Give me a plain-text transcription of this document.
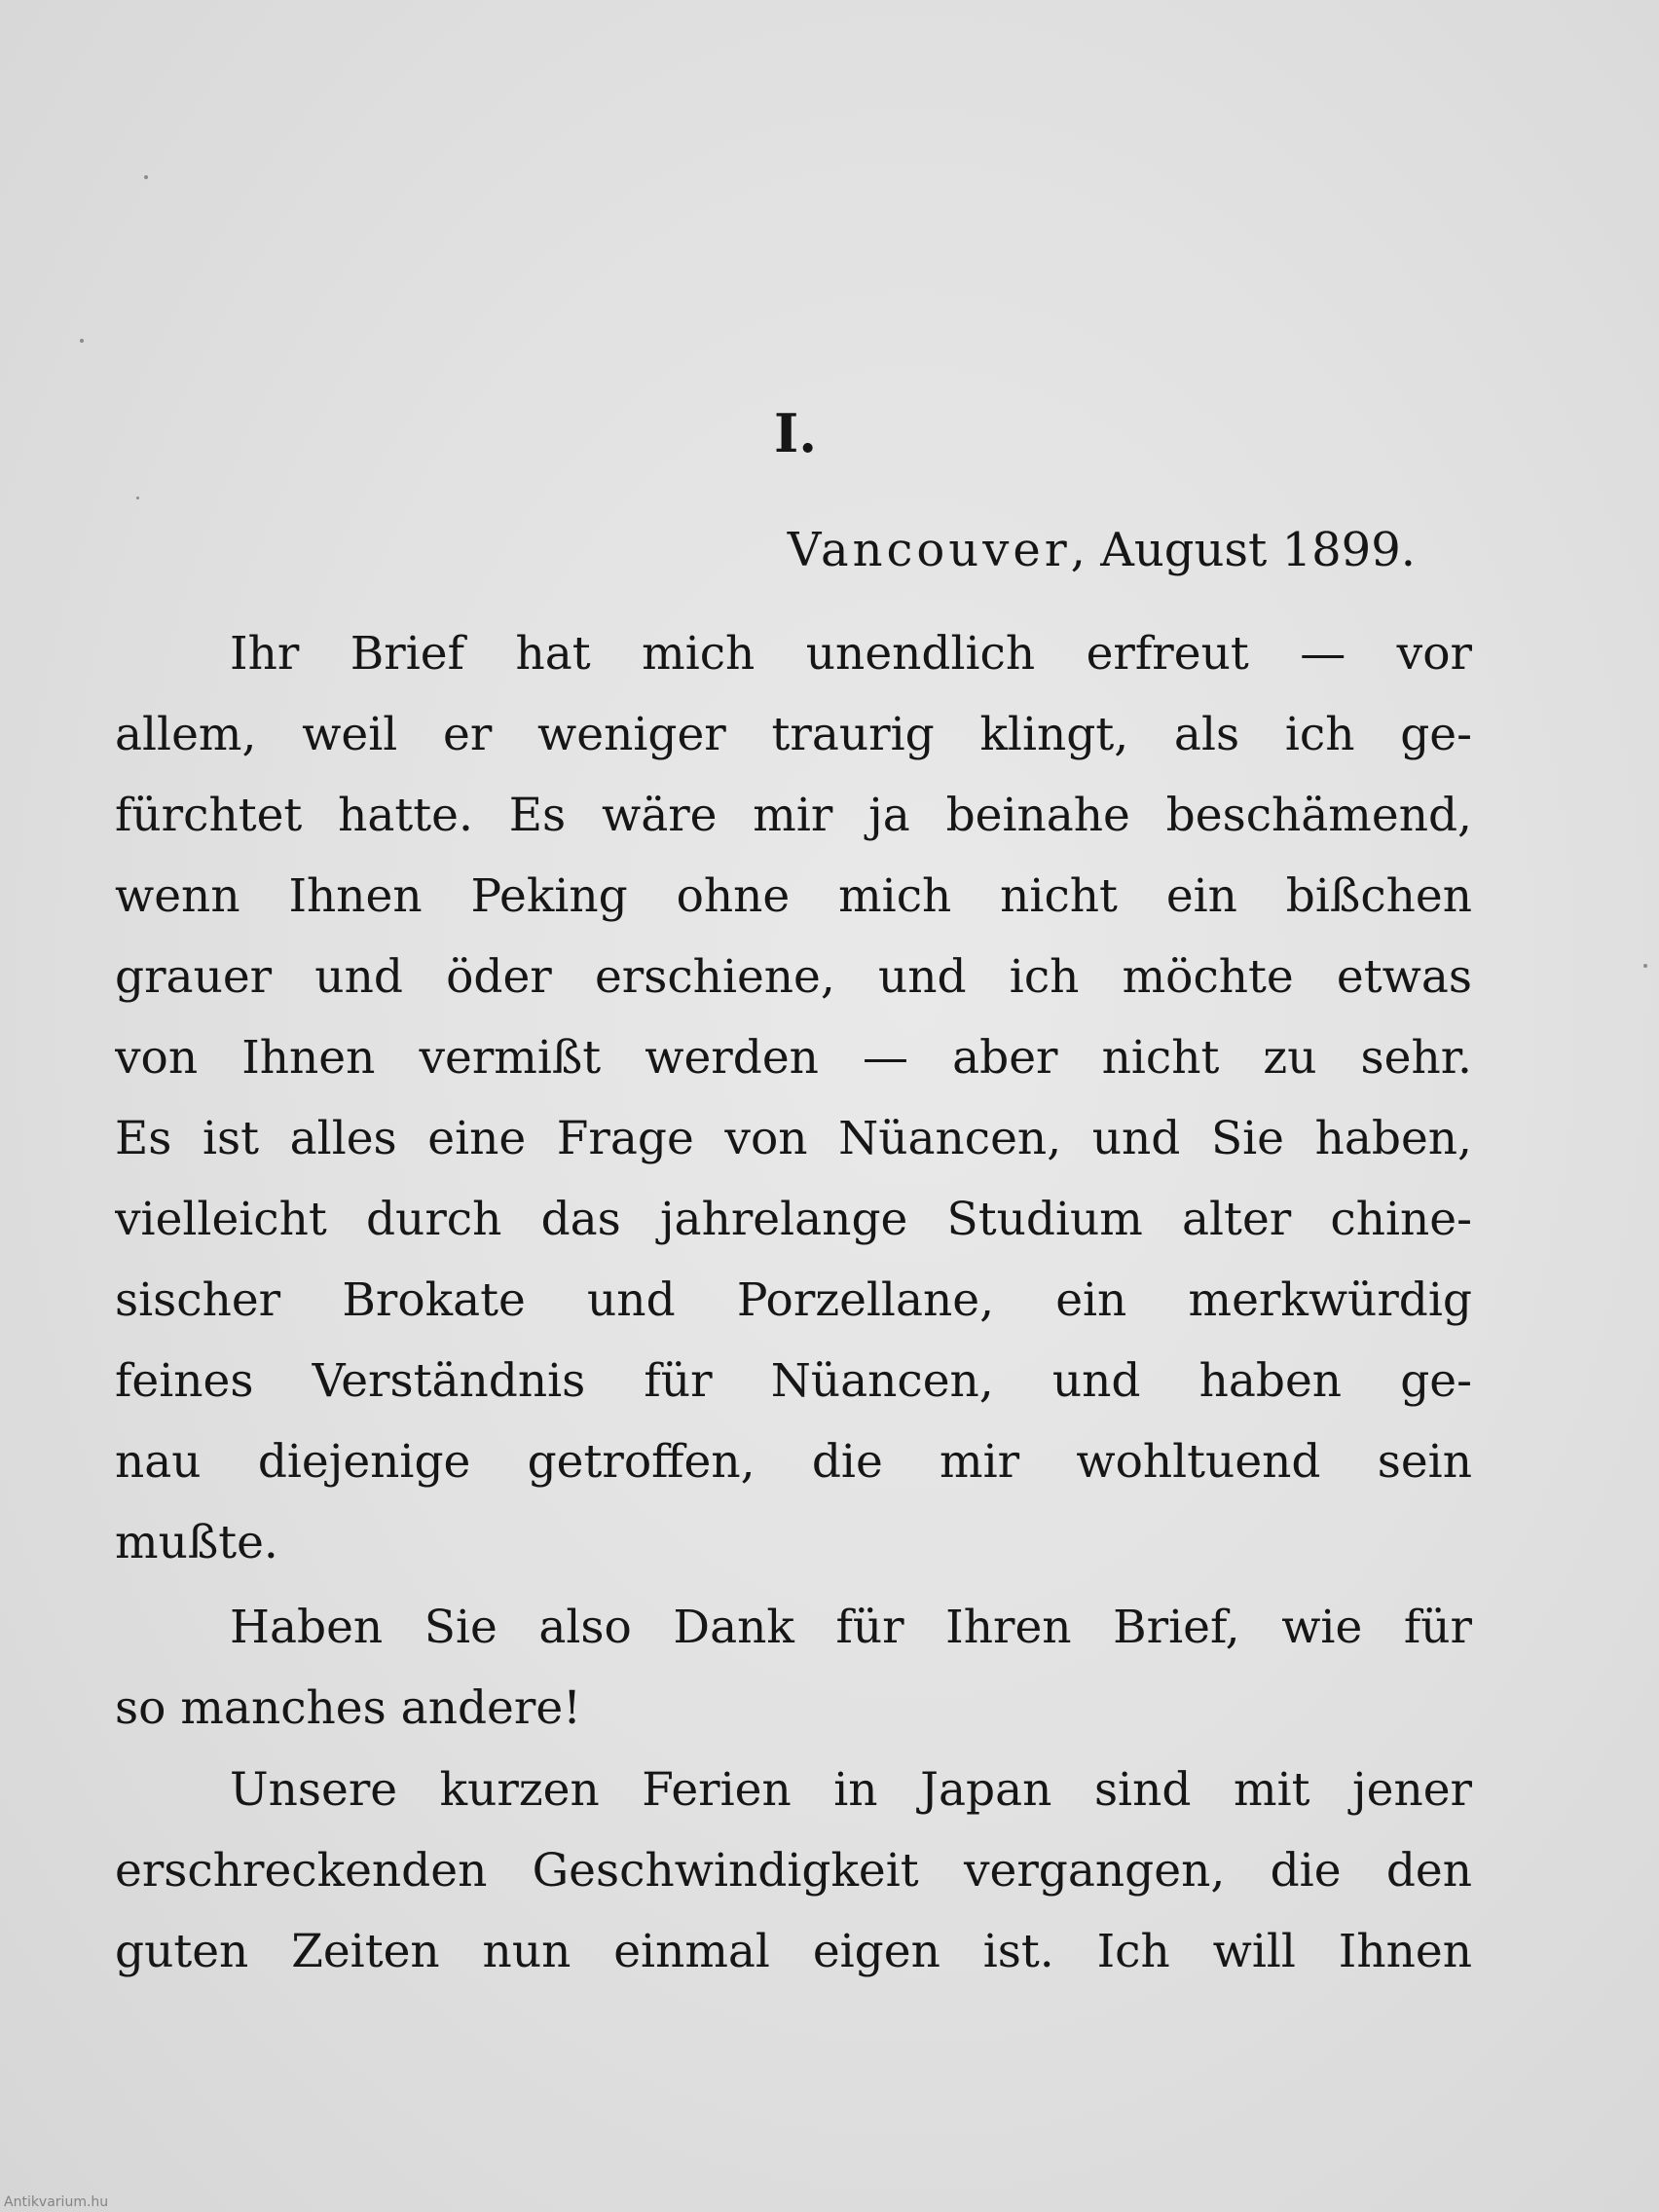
I.
Vancouver, August 1899.
Ihr Brief hat mich unendlich erfreut — vor
allem, weil er weniger traurig klingt, als ich ge-
fürchtet hatte. Es wäre mir ja beinahe beschämend,
wenn Ihnen Peking ohne mich nicht ein bißchen
grauer und öder erschiene, und ich möchte etwas
von Ihnen vermißt werden — aber nicht zu sehr.
Es ist alles eine Frage von Nüancen, und Sie haben,
vielleicht durch das jahrelange Studium alter chine-
sischer Brokate und Porzellane, ein merkwürdig
feines Verständnis für Nüancen, und haben ge-
nau diejenige getroffen, die mir wohltuend sein
mußte.
Haben Sie also Dank für Ihren Brief, wie für
so manches andere!
Unsere kurzen Ferien in Japan sind mit jener
erschreckenden Geschwindigkeit vergangen, die den
guten Zeiten nun einmal eigen ist. Ich will Ihnen
Antikvarium.hu
